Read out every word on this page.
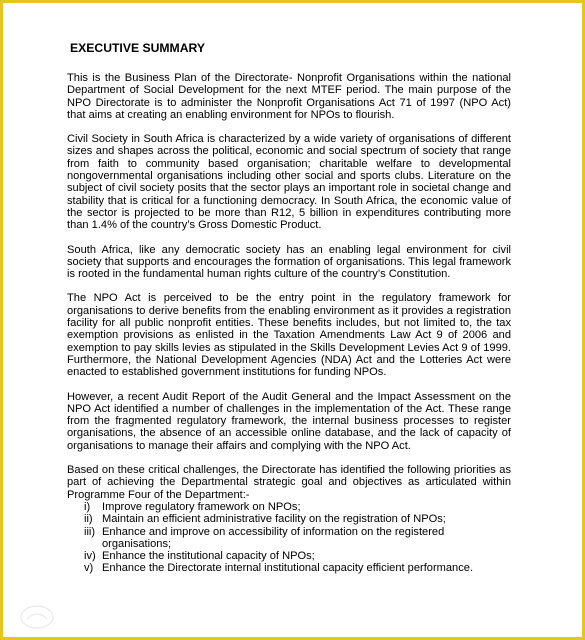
EXECUTIVE SUMMARY

This is the Business Plan of the Directorate- Nonprofit Organisations within the national Department of Social Development for the next MTEF period. The main purpose of the NPO Directorate is to administer the Nonprofit Organisations Act 71 of 1997 (NPO Act) that aims at creating an enabling environment for NPOs to flourish.

Civil Society in South Africa is characterized by a wide variety of organisations of different sizes and shapes across the political, economic and social spectrum of society that range from faith to community based organisation; charitable welfare to developmental nongovernmental organisations including other social and sports clubs. Literature on the subject of civil society posits that the sector plays an important role in societal change and stability that is critical for a functioning democracy. In South Africa, the economic value of the sector is projected to be more than R12, 5 billion in expenditures contributing more than 1.4% of the country’s Gross Domestic Product.

South Africa, like any democratic society has an enabling legal environment for civil society that supports and encourages the formation of organisations. This legal framework is rooted in the fundamental human rights culture of the country’s Constitution.

The NPO Act is perceived to be the entry point in the regulatory framework for organisations to derive benefits from the enabling environment as it provides a registration facility for all public nonprofit entities. These benefits includes, but not limited to, the tax exemption provisions as enlisted in the Taxation Amendments Law Act 9 of 2006 and exemption to pay skills levies as stipulated in the Skills Development Levies Act 9 of 1999. Furthermore, the National Development Agencies (NDA) Act and the Lotteries Act were enacted to established government institutions for funding NPOs.

However, a recent Audit Report of the Audit General and the Impact Assessment on the NPO Act identified a number of challenges in the implementation of the Act. These range from the fragmented regulatory framework, the internal business processes to register organisations, the absence of an accessible online database, and the lack of capacity of organisations to manage their affairs and complying with the NPO Act.

Based on these critical challenges, the Directorate has identified the following priorities as part of achieving the Departmental strategic goal and objectives as articulated within Programme Four of the Department:-

i)	Improve regulatory framework on NPOs;
ii) Maintain an efficient administrative facility on the registration of NPOs;
iii) Enhance and improve on accessibility of information on the registered
organisations;
iv) Enhance the institutional capacity of NPOs;
v) Enhance the Directorate internal institutional capacity efficient performance.
